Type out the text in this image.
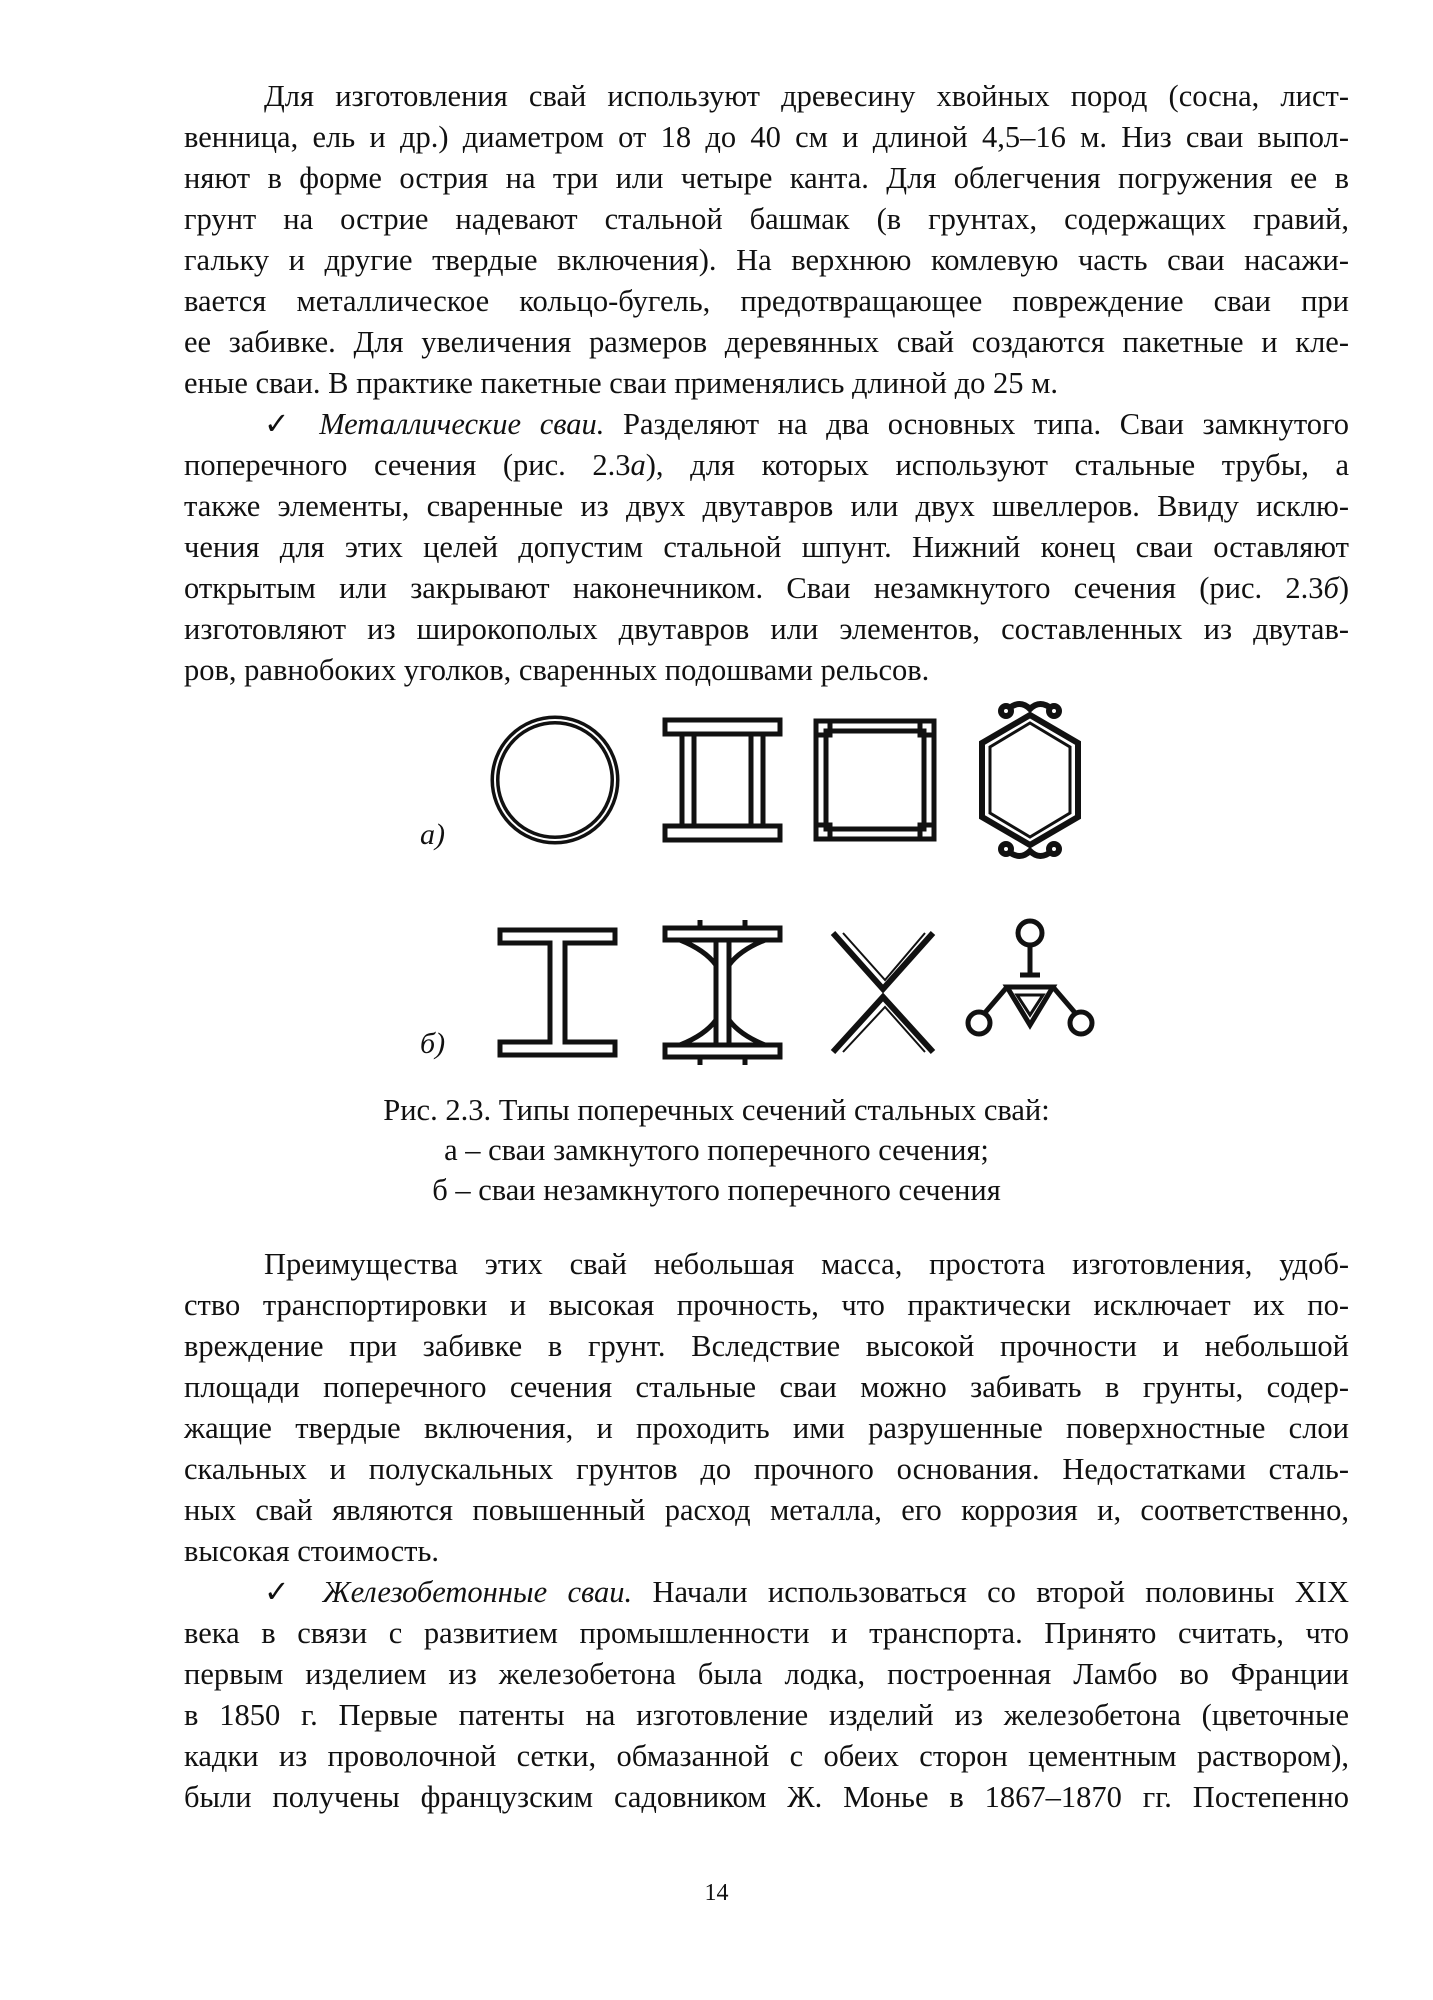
Для изготовления свай используют древесину хвойных пород (сосна, лист-
венница, ель и др.) диаметром от 18 до 40 см и длиной 4,5–16 м. Низ сваи выпол-
няют в форме острия на три или четыре канта. Для облегчения погружения ее в
грунт на острие надевают стальной башмак (в грунтах, содержащих гравий,
гальку и другие твердые включения). На верхнюю комлевую часть сваи насажи-
вается металлическое кольцо-бугель, предотвращающее повреждение сваи при
ее забивке. Для увеличения размеров деревянных свай создаются пакетные и кле-
еные сваи. В практике пакетные сваи применялись длиной до 25 м.
✓ Металлические сваи. Разделяют на два основных типа. Сваи замкнутого
поперечного сечения (рис. 2.3а), для которых используют стальные трубы, а
также элементы, сваренные из двух двутавров или двух швеллеров. Ввиду исклю-
чения для этих целей допустим стальной шпунт. Нижний конец сваи оставляют
открытым или закрывают наконечником. Сваи незамкнутого сечения (рис. 2.3б)
изготовляют из широкополых двутавров или элементов, составленных из двутав-
ров, равнобоких уголков, сваренных подошвами рельсов.
а)
б)
Рис. 2.3. Типы поперечных сечений стальных свай:
а – сваи замкнутого поперечного сечения;
б – сваи незамкнутого поперечного сечения
Преимущества этих свай небольшая масса, простота изготовления, удоб-
ство транспортировки и высокая прочность, что практически исключает их по-
вреждение при забивке в грунт. Вследствие высокой прочности и небольшой
площади поперечного сечения стальные сваи можно забивать в грунты, содер-
жащие твердые включения, и проходить ими разрушенные поверхностные слои
скальных и полускальных грунтов до прочного основания. Недостатками сталь-
ных свай являются повышенный расход металла, его коррозия и, соответственно,
высокая стоимость.
✓ Железобетонные сваи. Начали использоваться со второй половины XIX
века в связи с развитием промышленности и транспорта. Принято считать, что
первым изделием из железобетона была лодка, построенная Ламбо во Франции
в 1850 г. Первые патенты на изготовление изделий из железобетона (цветочные
кадки из проволочной сетки, обмазанной с обеих сторон цементным раствором),
были получены французским садовником Ж. Монье в 1867–1870 гг. Постепенно
14
